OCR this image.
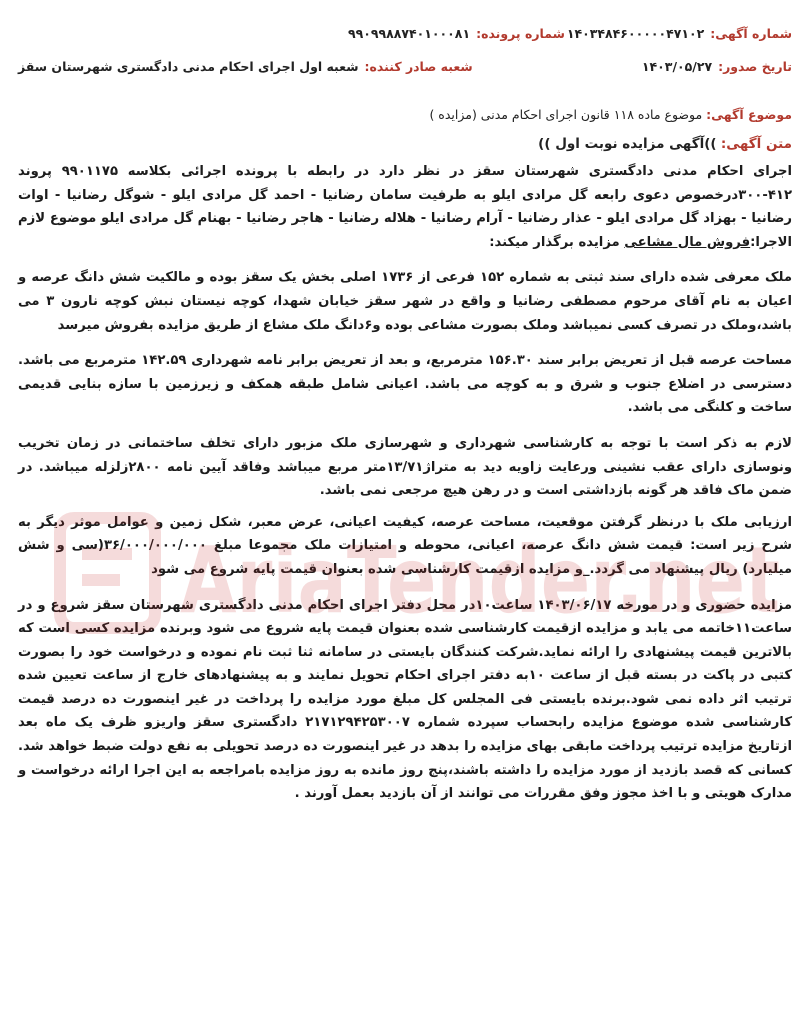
AriaTender.net
شماره آگهی:
۱۴۰۳۴۸۴۶۰۰۰۰۰۴۷۱۰۲
شماره پرونده:
۹۹۰۹۹۸۸۷۴۰۱۰۰۰۸۱
تاریخ صدور:
۱۴۰۳/۰۵/۲۷
شعبه صادر کننده:
شعبه اول اجرای احکام مدنی دادگستری شهرستان سقز
موضوع آگهی: موضوع ماده ۱۱۸ قانون اجرای احکام مدنی (مزایده )
متن آگهی: ))آگهی مزایده نوبت اول ))

اجرای احکام مدنی دادگستری شهرستان سقز در نظر دارد در رابطه با پرونده اجرائی بکلاسه ۹۹۰۱۱۷۵ پروند ۴۱۲-۳۰۰درخصوص دعوی رابعه گل مرادی ایلو به طرفیت سامان رضانیا - احمد گل مرادی ایلو - شوگل رضانیا - اوات رضانیا - بهزاد گل مرادی ایلو - عذار رضانیا - آرام رضانیا - هلاله رضانیا - هاجر رضانیا - بهنام گل مرادی ایلو موضوع لازم الاجرا:فروش مال مشاعی مزایده برگذار میکند:

ملک معرفی شده دارای سند ثبتی به شماره ۱۵۲ فرعی از ۱۷۳۶ اصلی بخش یک سقز بوده و مالکیت شش دانگ عرصه و اعیان به نام آقای مرحوم مصطفی رضانیا و واقع در شهر سقز خیابان شهدا، کوچه نیستان نبش کوچه نارون ۳ می باشد،وملک در تصرف کسی نمیباشد وملک بصورت مشاعی بوده و۶دانگ ملک مشاع از طریق مزایده بفروش میرسد

مساحت عرصه قبل از تعریض برابر سند ۱۵۶.۳۰ مترمربع، و بعد از تعریض برابر نامه شهرداری ۱۴۲.۵۹ مترمربع می باشد. دسترسی در اضلاع جنوب و شرق و به کوچه می باشد. اعیانی شامل طبقه همکف و زیرزمین با سازه بنایی قدیمی ساخت و کلنگی می باشد.

لازم به ذکر است با توجه به کارشناسی شهرداری و شهرسازی ملک مزبور دارای تخلف ساختمانی در زمان تخریب ونوسازی دارای عقب نشینی ورعایت زاویه دید به متراژ۱۳/۷۱متر مربع میباشد وفاقد آیین نامه ۲۸۰۰زلزله میباشد. در ضمن ماک فاقد هر گونه بازداشتی است و در رهن هیچ مرجعی نمی باشد.

ارزیابی ملک با درنظر گرفتن موقعیت، مساحت عرصه، کیفیت اعیانی، عرض معبر، شکل زمین و عوامل موثر دیگر به شرح زیر است: قیمت شش دانگ عرصه، اعیانی، محوطه و امتیازات ملک مجموعا مبلغ ۳۶/۰۰۰/۰۰۰/۰۰۰(سی و شش میلیارد) ریال پیشنهاد می گردد._و مزایده ازقیمت کارشناسی شده بعنوان قیمت پایه شروع می شود

مزایده حضوری و در مورخه ۱۴۰۳/۰۶/۱۷ ساعت۱۰در محل دفتر اجرای احکام مدنی دادگستری شهرستان سقز شروع و در ساعت۱۱خاتمه می یابد و مزایده ازقیمت کارشناسی شده بعنوان قیمت پایه شروع می شود وبرنده مزایده کسی است که بالاترین قیمت پیشنهادی را ارائه نماید.شرکت کنندگان بایستی در سامانه ثنا ثبت نام نموده و درخواست خود را بصورت کتبی در پاکت در بسته قبل از ساعت ۱۰به دفتر اجرای احکام تحویل نمایند و به پیشنهادهای خارج از ساعت تعیین شده ترتیب اثر داده نمی شود.برنده بایستی فی المجلس کل مبلغ مورد مزایده را پرداخت در غیر اینصورت ده درصد قیمت کارشناسی شده موضوع مزایده رابحساب سپرده شماره ۲۱۷۱۲۹۴۲۵۳۰۰۷ دادگستری سقز واریزو ظرف یک ماه بعد ازتاریخ مزایده ترتیب پرداخت مابقی بهای مزایده را بدهد در غیر اینصورت ده درصد تحویلی به نفع دولت ضبط خواهد شد. کسانی که قصد بازدید از مورد مزایده را داشته باشند،پنج روز مانده به روز مزایده بامراجعه به این اجرا ارائه درخواست و مدارک هویتی و با اخذ مجوز وفق مقررات می توانند از آن بازدید بعمل آورند .
